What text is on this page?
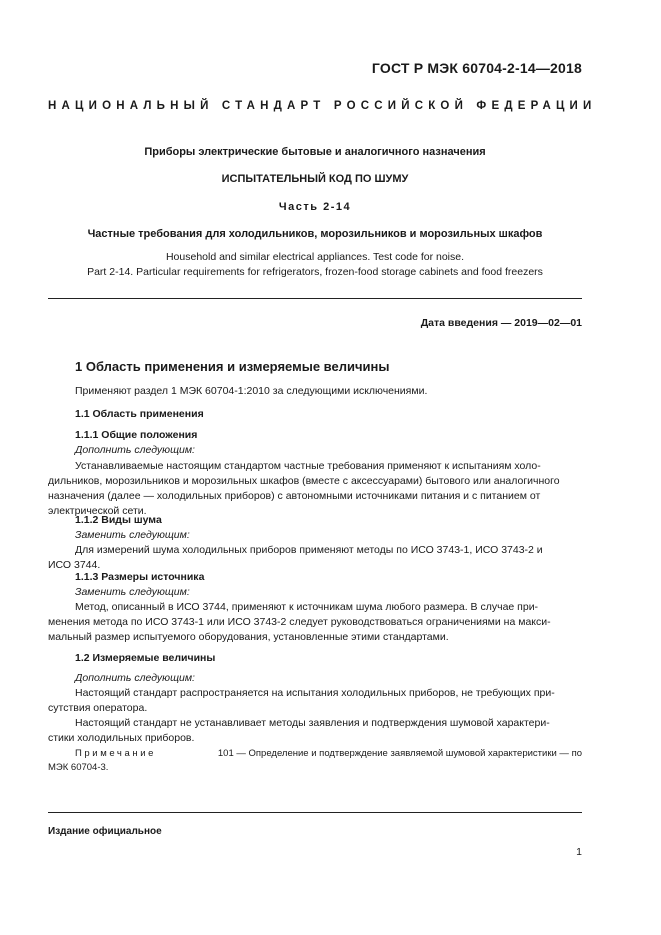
ГОСТ Р МЭК 60704-2-14—2018
НАЦИОНАЛЬНЫЙ СТАНДАРТ РОССИЙСКОЙ ФЕДЕРАЦИИ
Приборы электрические бытовые и аналогичного назначения
ИСПЫТАТЕЛЬНЫЙ КОД ПО ШУМУ
Часть 2-14
Частные требования для холодильников, морозильников и морозильных шкафов
Household and similar electrical appliances. Test code for noise.
Part 2-14. Particular requirements for refrigerators, frozen-food storage cabinets and food freezers
Дата введения — 2019—02—01
1 Область применения и измеряемые величины
Применяют раздел 1 МЭК 60704-1:2010 за следующими исключениями.
1.1 Область применения
1.1.1 Общие положения
Дополнить следующим:
Устанавливаемые настоящим стандартом частные требования применяют к испытаниям холо-
дильников, морозильников и морозильных шкафов (вместе с аксессуарами) бытового или аналогичного
назначения (далее — холодильных приборов) с автономными источниками питания и с питанием от
электрической сети.
1.1.2 Виды шума
Заменить следующим:
Для измерений шума холодильных приборов применяют методы по ИСО 3743-1, ИСО 3743-2 и
ИСО 3744.
1.1.3 Размеры источника
Заменить следующим:
Метод, описанный в ИСО 3744, применяют к источникам шума любого размера. В случае при-
менения метода по ИСО 3743-1 или ИСО 3743-2 следует руководствоваться ограничениями на макси-
мальный размер испытуемого оборудования, установленные этими стандартами.
1.2 Измеряемые величины
Дополнить следующим:
Настоящий стандарт распространяется на испытания холодильных приборов, не требующих при-
сутствия оператора.
Настоящий стандарт не устанавливает методы заявления и подтверждения шумовой характери-
стики холодильных приборов.
Примечание	101 — Определение и подтверждение заявляемой шумовой характеристики — по
МЭК 60704-3.
Издание официальное
1
